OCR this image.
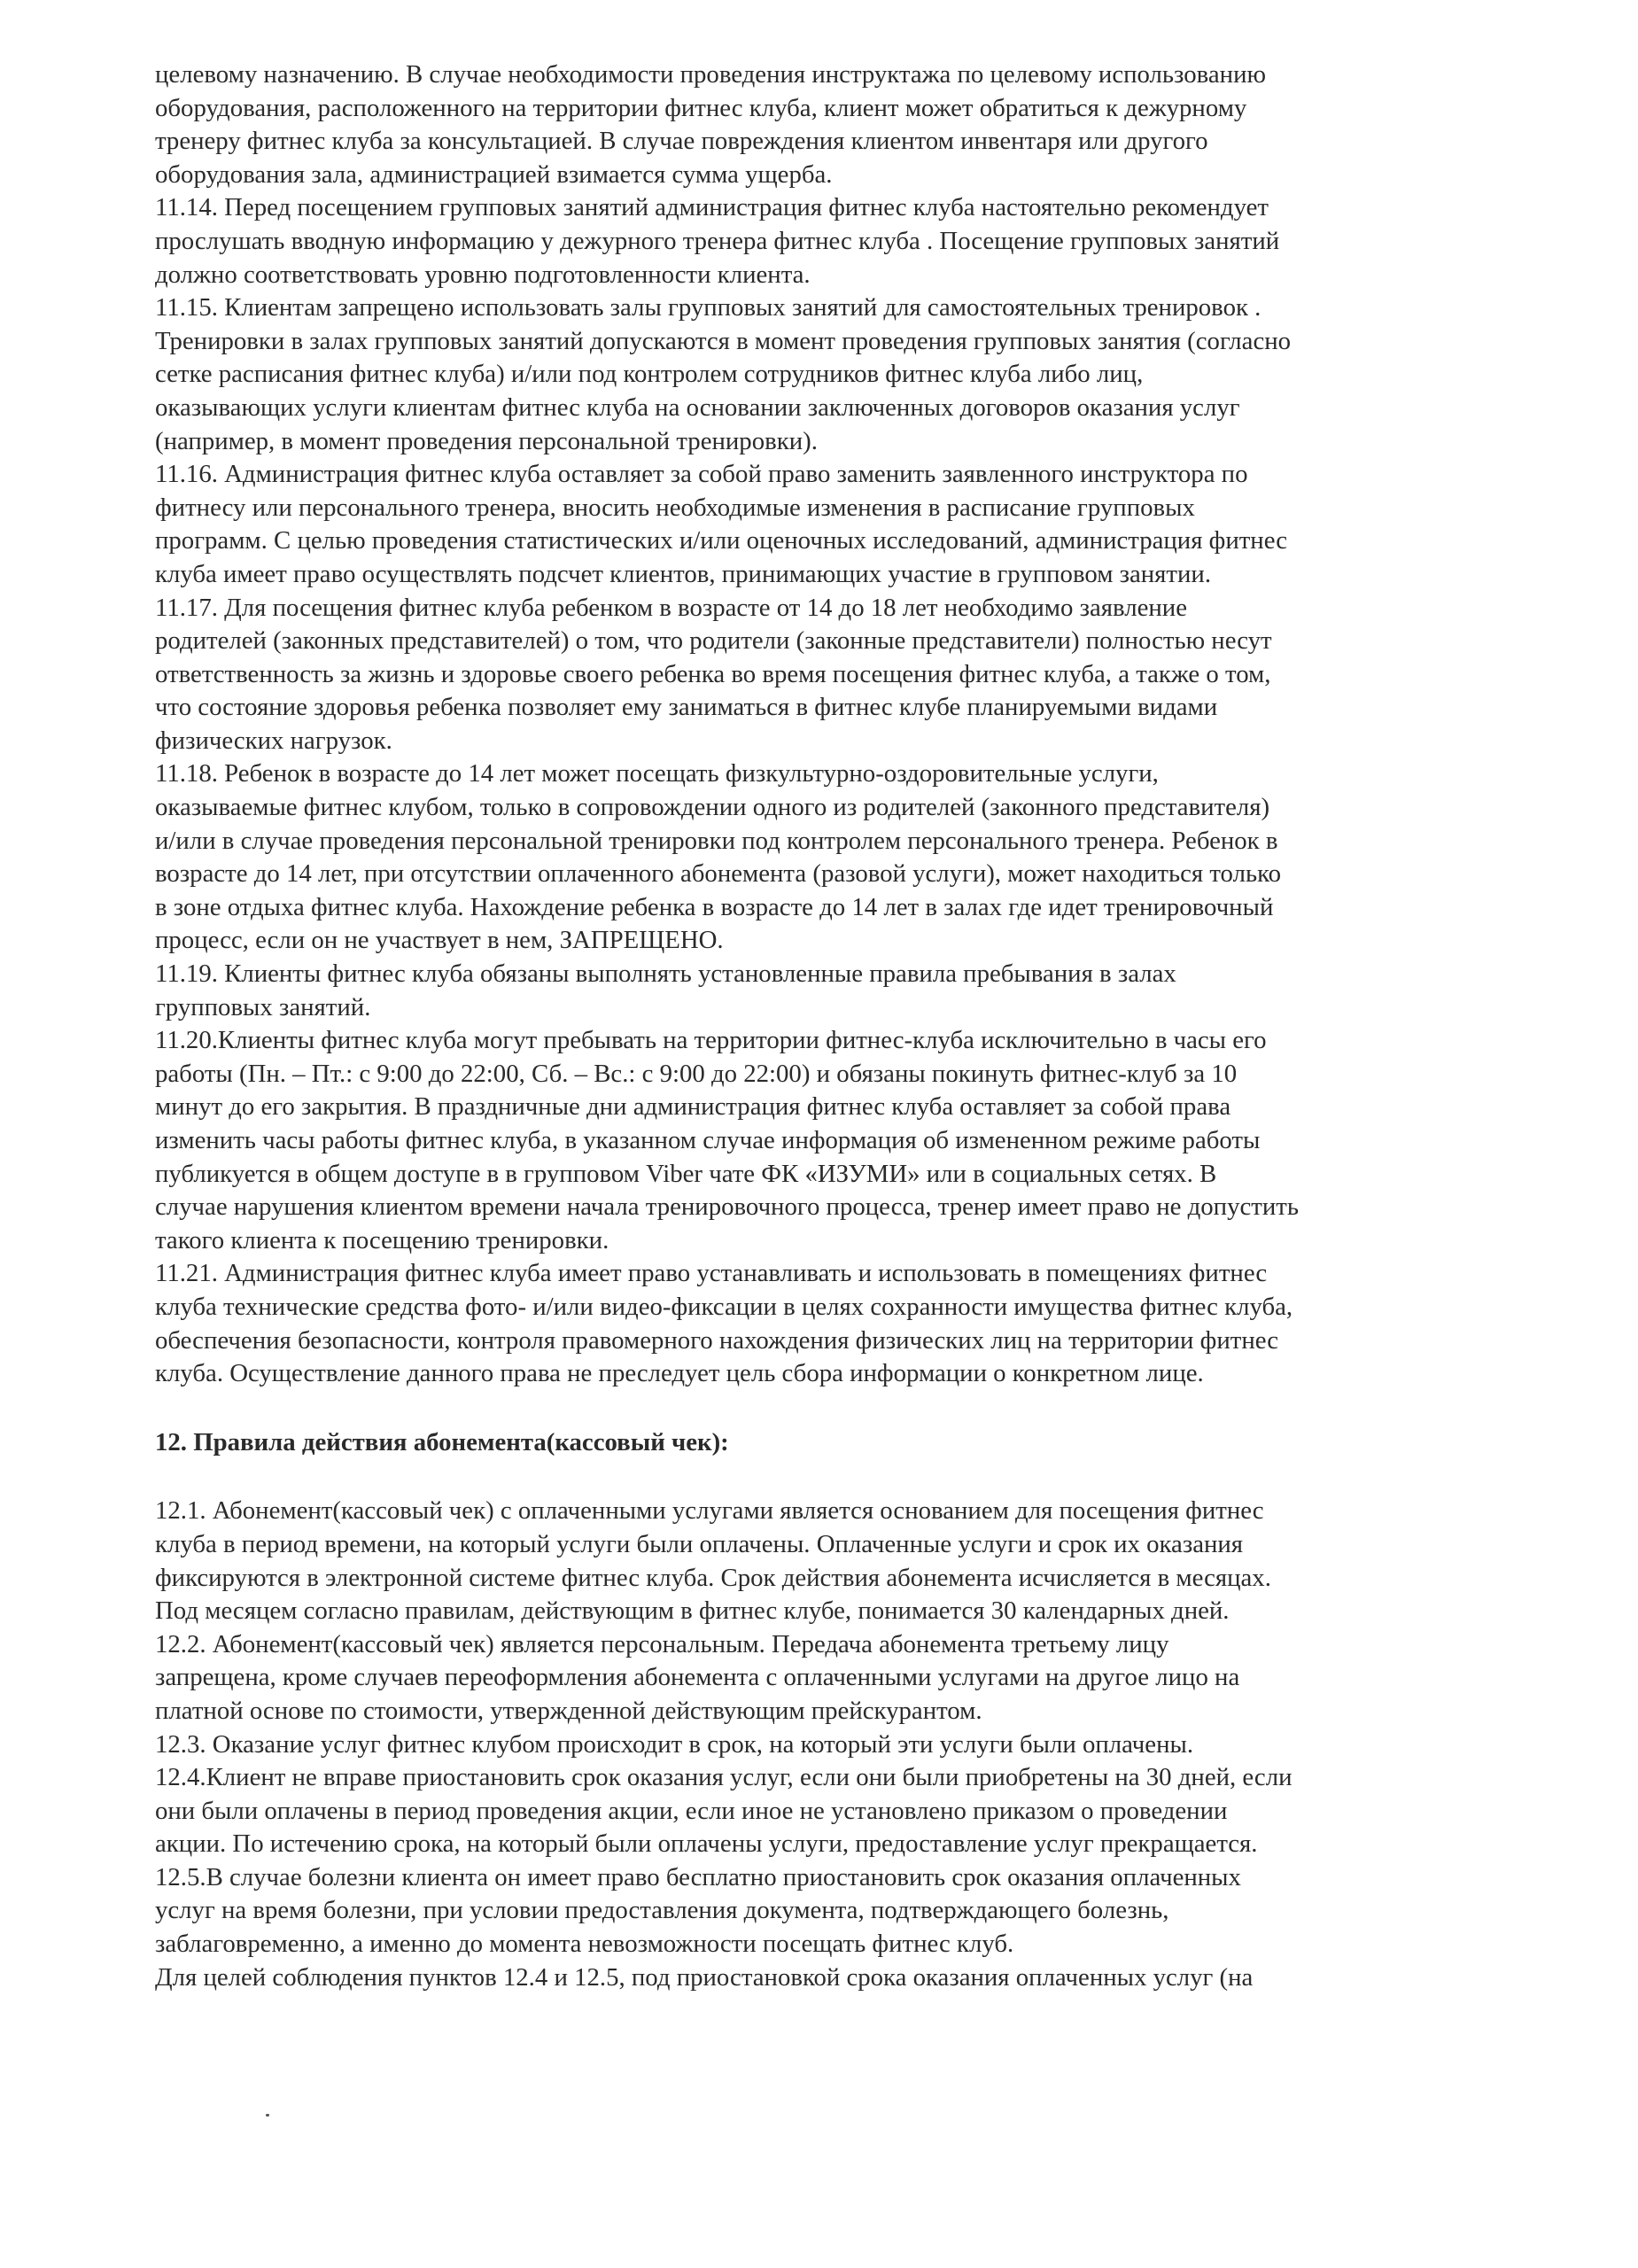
целевому назначению. В случае необходимости проведения инструктажа по целевому использованию
оборудования, расположенного на территории фитнес клуба, клиент может обратиться к дежурному
тренеру фитнес клуба за консультацией. В случае повреждения клиентом инвентаря или другого
оборудования зала, администрацией взимается сумма ущерба.
11.14. Перед посещением групповых занятий администрация фитнес клуба настоятельно рекомендует
прослушать вводную информацию у дежурного тренера фитнес клуба . Посещение групповых занятий
должно соответствовать уровню подготовленности клиента.
11.15. Клиентам запрещено использовать залы групповых занятий для самостоятельных тренировок .
Тренировки в залах групповых занятий допускаются в момент проведения групповых занятия (согласно
сетке расписания фитнес клуба) и/или под контролем сотрудников фитнес клуба либо лиц,
оказывающих услуги клиентам фитнес клуба на основании заключенных договоров оказания услуг
(например, в момент проведения персональной тренировки).
11.16. Администрация фитнес клуба оставляет за собой право заменить заявленного инструктора по
фитнесу или персонального тренера, вносить необходимые изменения в расписание групповых
программ. С целью проведения статистических и/или оценочных исследований, администрация фитнес
клуба имеет право осуществлять подсчет клиентов, принимающих участие в групповом занятии.
11.17. Для посещения фитнес клуба ребенком в возрасте от 14 до 18 лет необходимо заявление
родителей (законных представителей) о том, что родители (законные представители) полностью несут
ответственность за жизнь и здоровье своего ребенка во время посещения фитнес клуба, а также о том,
что состояние здоровья ребенка позволяет ему заниматься в фитнес клубе планируемыми видами
физических нагрузок.
11.18. Ребенок в возрасте до 14 лет может посещать физкультурно-оздоровительные услуги,
оказываемые фитнес клубом, только в сопровождении одного из родителей (законного представителя)
и/или в случае проведения персональной тренировки под контролем персонального тренера. Ребенок в
возрасте до 14 лет, при отсутствии оплаченного абонемента (разовой услуги), может находиться только
в зоне отдыха фитнес клуба. Нахождение ребенка в возрасте до 14 лет в залах где идет тренировочный
процесс, если он не участвует в нем, ЗАПРЕЩЕНО.
11.19. Клиенты фитнес клуба обязаны выполнять установленные правила пребывания в залах
групповых занятий.
11.20.Клиенты фитнес клуба могут пребывать на территории фитнес-клуба исключительно в часы его
работы (Пн. – Пт.: с 9:00 до 22:00, Сб. – Вс.: с 9:00 до 22:00) и обязаны покинуть фитнес-клуб за 10
минут до его закрытия. В праздничные дни администрация фитнес клуба оставляет за собой права
изменить часы работы фитнес клуба, в указанном случае информация об измененном режиме работы
публикуется в общем доступе в в групповом Viber чате ФК «ИЗУМИ» или в социальных сетях. В
случае нарушения клиентом времени начала тренировочного процесса, тренер имеет право не допустить
такого клиента к посещению тренировки.
11.21. Администрация фитнес клуба имеет право устанавливать и использовать в помещениях фитнес
клуба технические средства фото- и/или видео-фиксации в целях сохранности имущества фитнес клуба,
обеспечения безопасности, контроля правомерного нахождения физических лиц на территории фитнес
клуба. Осуществление данного права не преследует цель сбора информации о конкретном лице.
12. Правила действия абонемента(кассовый чек):
12.1. Абонемент(кассовый чек) с оплаченными услугами является основанием для посещения фитнес
клуба в период времени, на который услуги были оплачены. Оплаченные услуги и срок их оказания
фиксируются в электронной системе фитнес клуба. Срок действия абонемента исчисляется в месяцах.
Под месяцем согласно правилам, действующим в фитнес клубе, понимается 30 календарных дней.
12.2. Абонемент(кассовый чек) является персональным. Передача абонемента третьему лицу
запрещена, кроме случаев переоформления абонемента с оплаченными услугами на другое лицо на
платной основе по стоимости, утвержденной действующим прейскурантом.
12.3. Оказание услуг фитнес клубом происходит в срок, на который эти услуги были оплачены.
12.4.Клиент не вправе приостановить срок оказания услуг, если они были приобретены на 30 дней, если
они были оплачены в период проведения акции, если иное не установлено приказом о проведении
акции. По истечению срока, на который были оплачены услуги, предоставление услуг прекращается.
12.5.В случае болезни клиента он имеет право бесплатно приостановить срок оказания оплаченных
услуг на время болезни, при условии предоставления документа, подтверждающего болезнь,
заблаговременно, а именно до момента невозможности посещать фитнес клуб.
Для целей соблюдения пунктов 12.4 и 12.5, под приостановкой срока оказания оплаченных услуг (на
